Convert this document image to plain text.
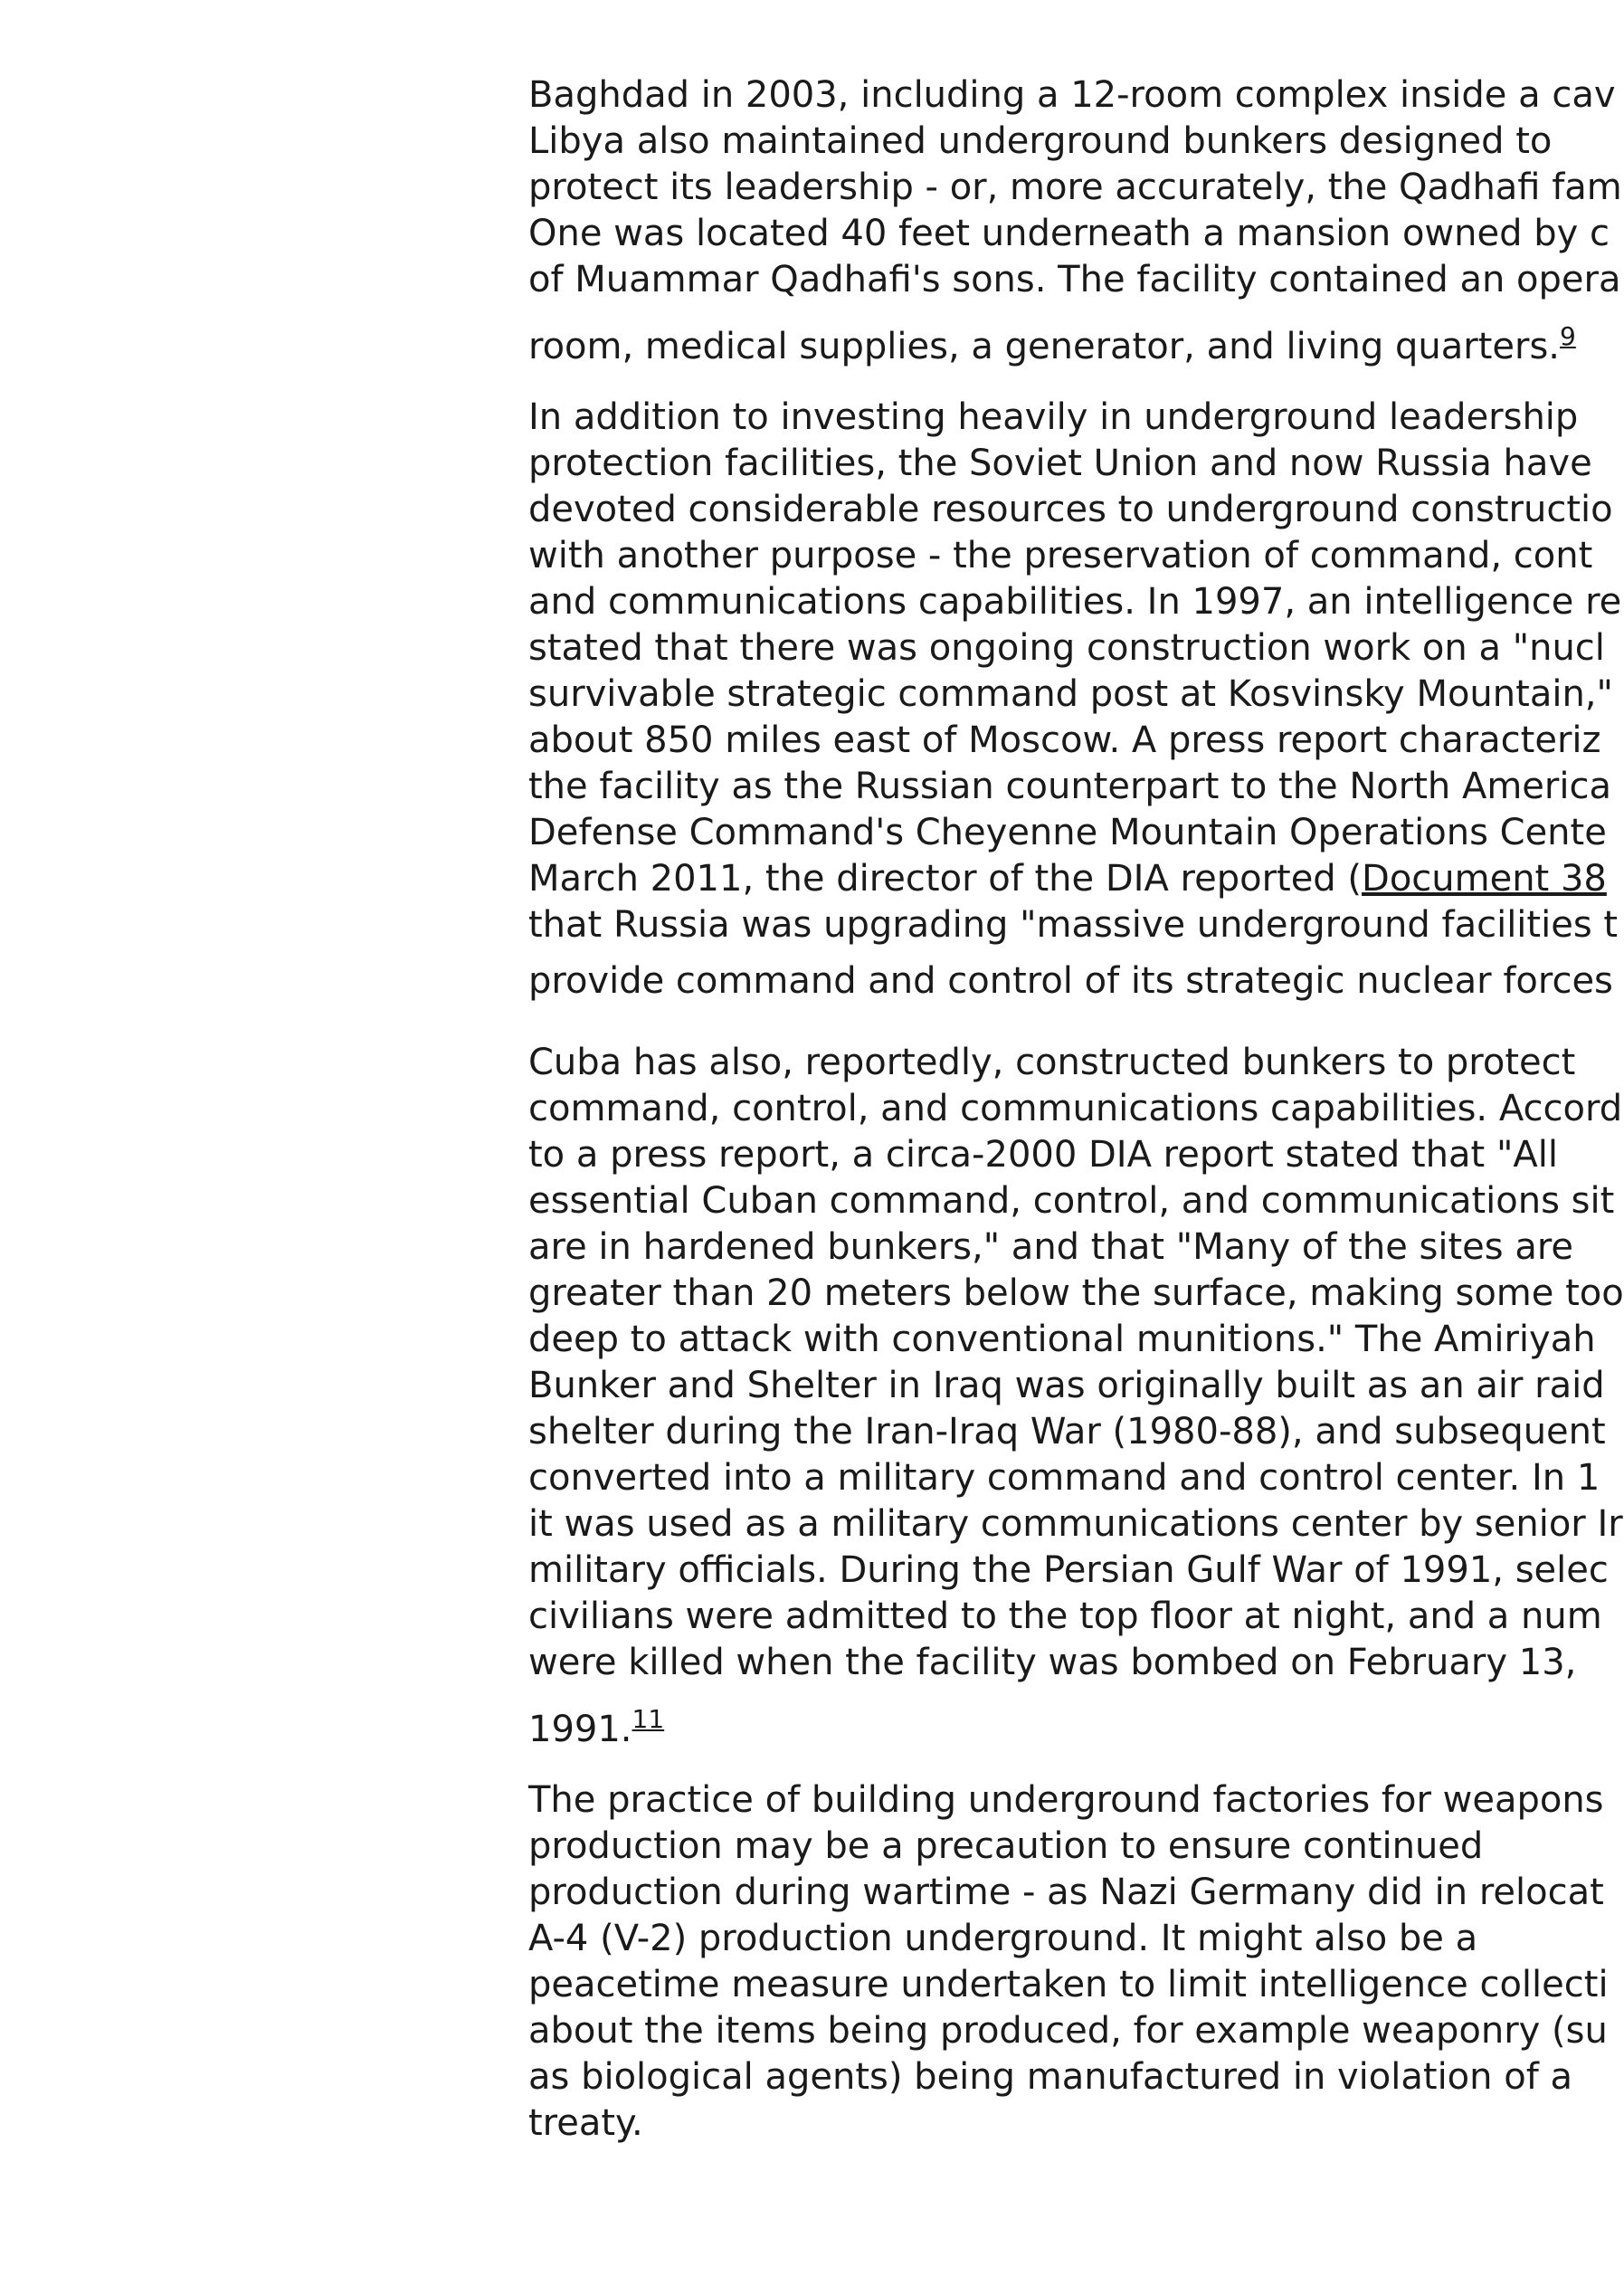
Baghdad in 2003, including a 12-room complex inside a cav
Libya also maintained underground bunkers designed to
protect its leadership - or, more accurately, the Qadhafi fam
One was located 40 feet underneath a mansion owned by c
of Muammar Qadhafi's sons. The facility contained an opera
room, medical supplies, a generator, and living quarters.$^9$

In addition to investing heavily in underground leadership
protection facilities, the Soviet Union and now Russia have
devoted considerable resources to underground constructio
with another purpose - the preservation of command, cont
and communications capabilities. In 1997, an intelligence re
stated that there was ongoing construction work on a "nucl
survivable strategic command post at Kosvinsky Mountain,"
about 850 miles east of Moscow. A press report characteriz
the facility as the Russian counterpart to the North America
Defense Command's Cheyenne Mountain Operations Cente
March 2011, the director of the DIA reported (Document 38
that Russia was upgrading "massive underground facilities t
provide command and control of its strategic nuclear forces

Cuba has also, reportedly, constructed bunkers to protect
command, control, and communications capabilities. Accord
to a press report, a circa-2000 DIA report stated that "All
essential Cuban command, control, and communications sit
are in hardened bunkers," and that "Many of the sites are
greater than 20 meters below the surface, making some too
deep to attack with conventional munitions." The Amiriyah
Bunker and Shelter in Iraq was originally built as an air raid
shelter during the Iran-Iraq War (1980-88), and subsequent
converted into a military command and control center. In 1
it was used as a military communications center by senior Ir
military officials. During the Persian Gulf War of 1991, selec
civilians were admitted to the top floor at night, and a num
were killed when the facility was bombed on February 13,
1991.11

The practice of building underground factories for weapons
production may be a precaution to ensure continued
production during wartime - as Nazi Germany did in relocat
A-4 (V-2) production underground. It might also be a
peacetime measure undertaken to limit intelligence collecti
about the items being produced, for example weaponry (su
as biological agents) being manufactured in violation of a
treaty.
